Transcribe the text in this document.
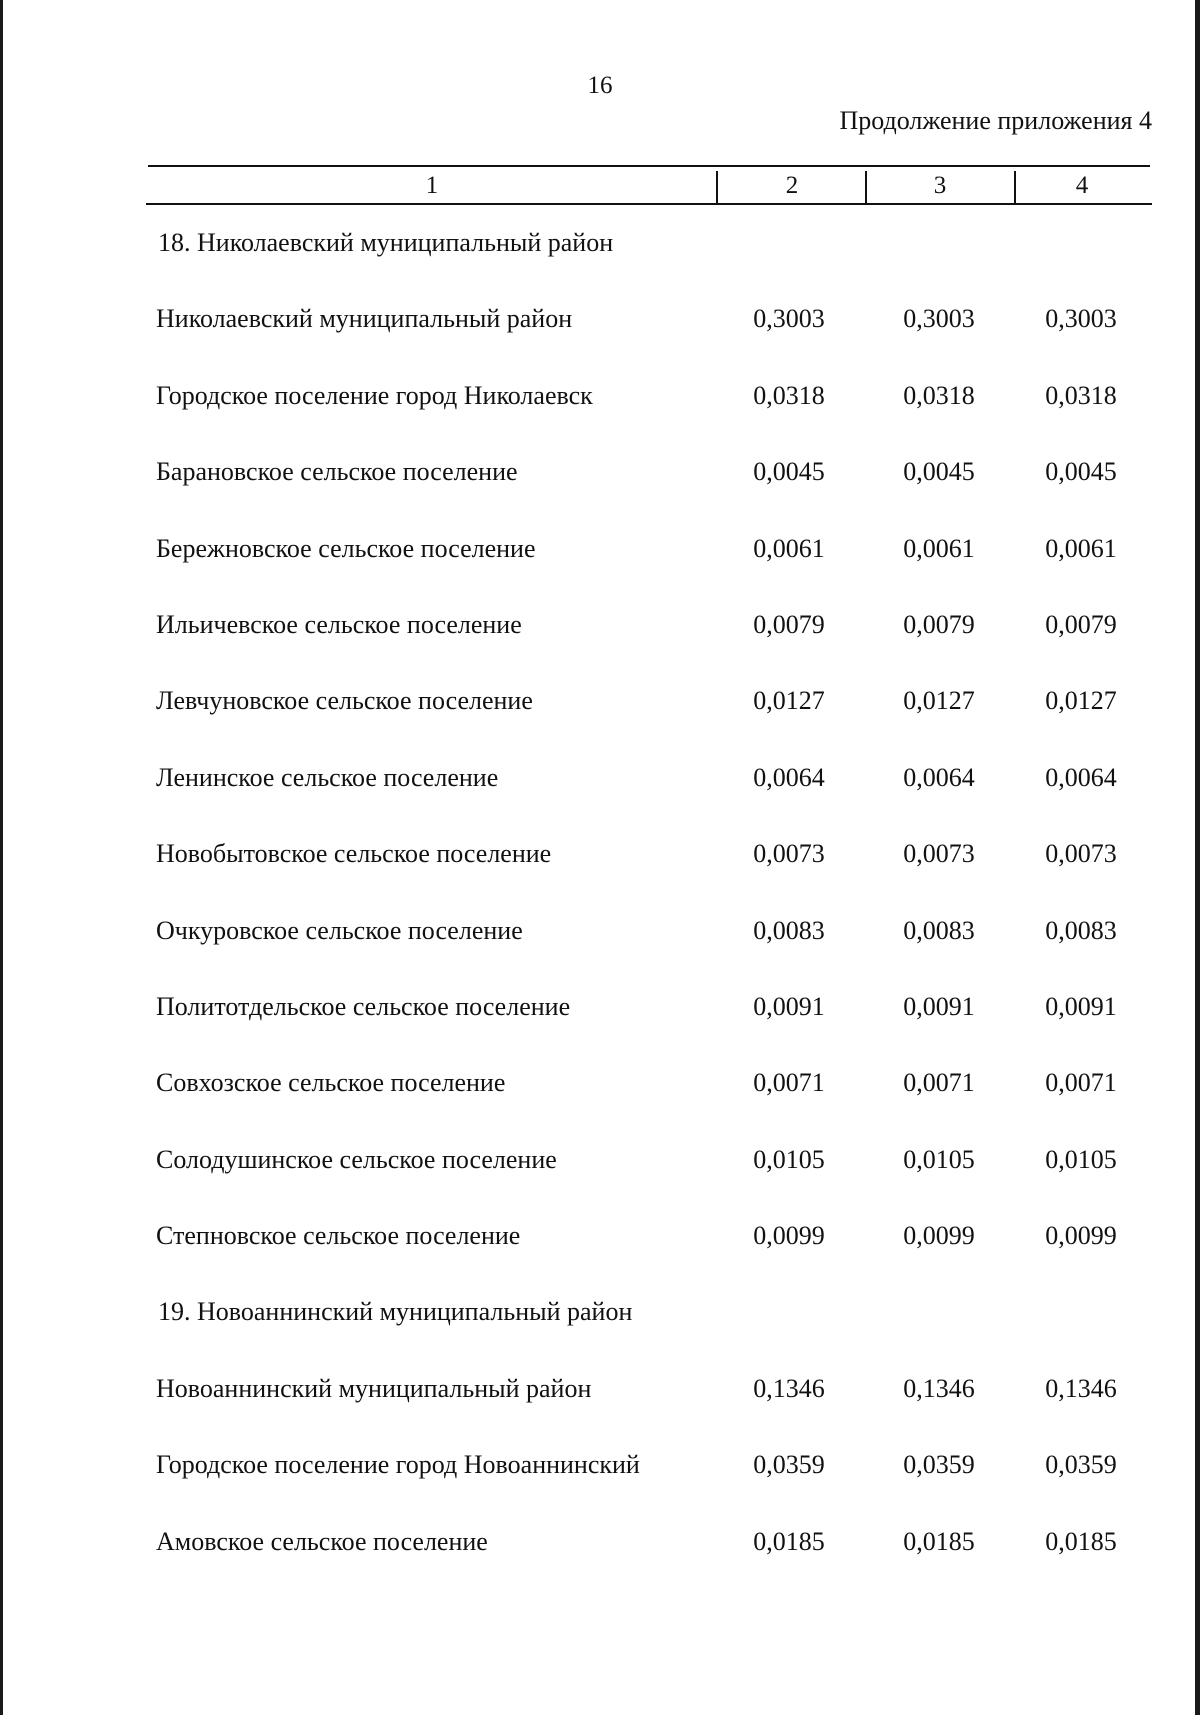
16
Продолжение приложения 4
1	2	3	4
18. Николаевский муниципальный район
Николаевский муниципальный район	0,3003	0,3003	0,3003
Городское поселение город Николаевск	0,0318	0,0318	0,0318
Барановское сельское поселение	0,0045	0,0045	0,0045
Бережновское сельское поселение	0,0061	0,0061	0,0061
Ильичевское сельское поселение	0,0079	0,0079	0,0079
Левчуновское сельское поселение	0,0127	0,0127	0,0127
Ленинское сельское поселение	0,0064	0,0064	0,0064
Новобытовское сельское поселение	0,0073	0,0073	0,0073
Очкуровское сельское поселение	0,0083	0,0083	0,0083
Политотдельское сельское поселение	0,0091	0,0091	0,0091
Совхозское сельское поселение	0,0071	0,0071	0,0071
Солодушинское сельское поселение	0,0105	0,0105	0,0105
Степновское сельское поселение	0,0099	0,0099	0,0099
19. Новоаннинский муниципальный район
Новоаннинский муниципальный район	0,1346	0,1346	0,1346
Городское поселение город Новоаннинский	0,0359	0,0359	0,0359
Амовское сельское поселение	0,0185	0,0185	0,0185
